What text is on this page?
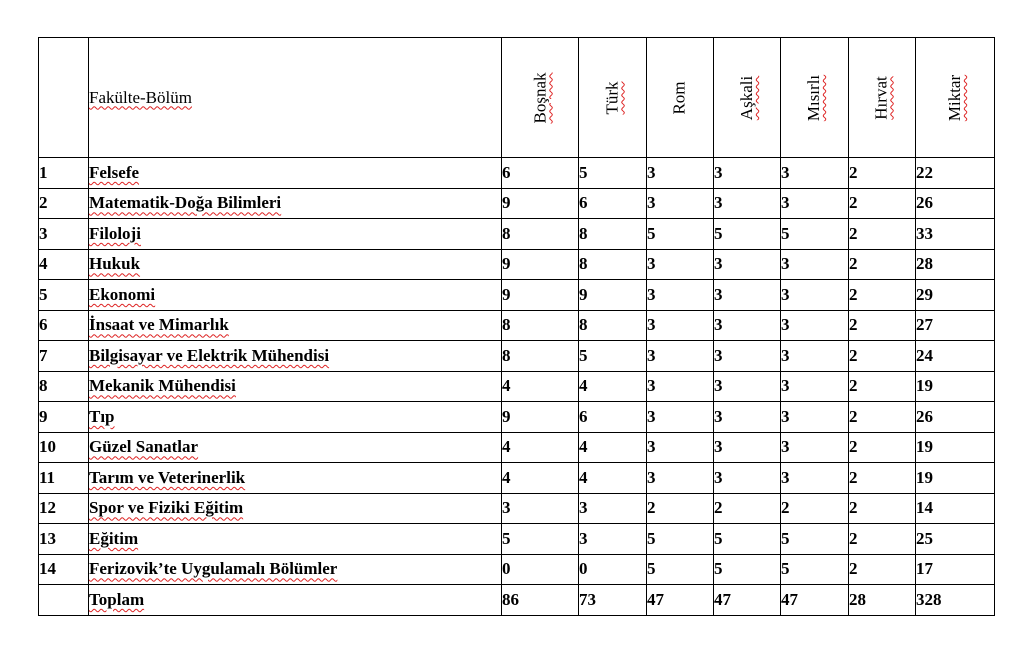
	Fakülte-Bölüm	Boşnak	Türk	Rom	Aşkali	Mısırlı	Hırvat	Miktar

1	Felsefe	6	5	3	3	3	2	22
2	Matematik-Doğa Bilimleri	9	6	3	3	3	2	26
3	Filoloji	8	8	5	5	5	2	33
4	Hukuk	9	8	3	3	3	2	28
5	Ekonomi	9	9	3	3	3	2	29
6	İnsaat ve Mimarlık	8	8	3	3	3	2	27
7	Bilgisayar ve Elektrik Mühendisi	8	5	3	3	3	2	24
8	Mekanik Mühendisi	4	4	3	3	3	2	19
9	Tıp	9	6	3	3	3	2	26
10	Güzel Sanatlar	4	4	3	3	3	2	19
11	Tarım ve Veterinerlik	4	4	3	3	3	2	19
12	Spor ve Fiziki Eğitim	3	3	2	2	2	2	14
13	Eğitim	5	3	5	5	5	2	25
14	Ferizovik’te Uygulamalı Bölümler	0	0	5	5	5	2	17
	Toplam	86	73	47	47	47	28	328
